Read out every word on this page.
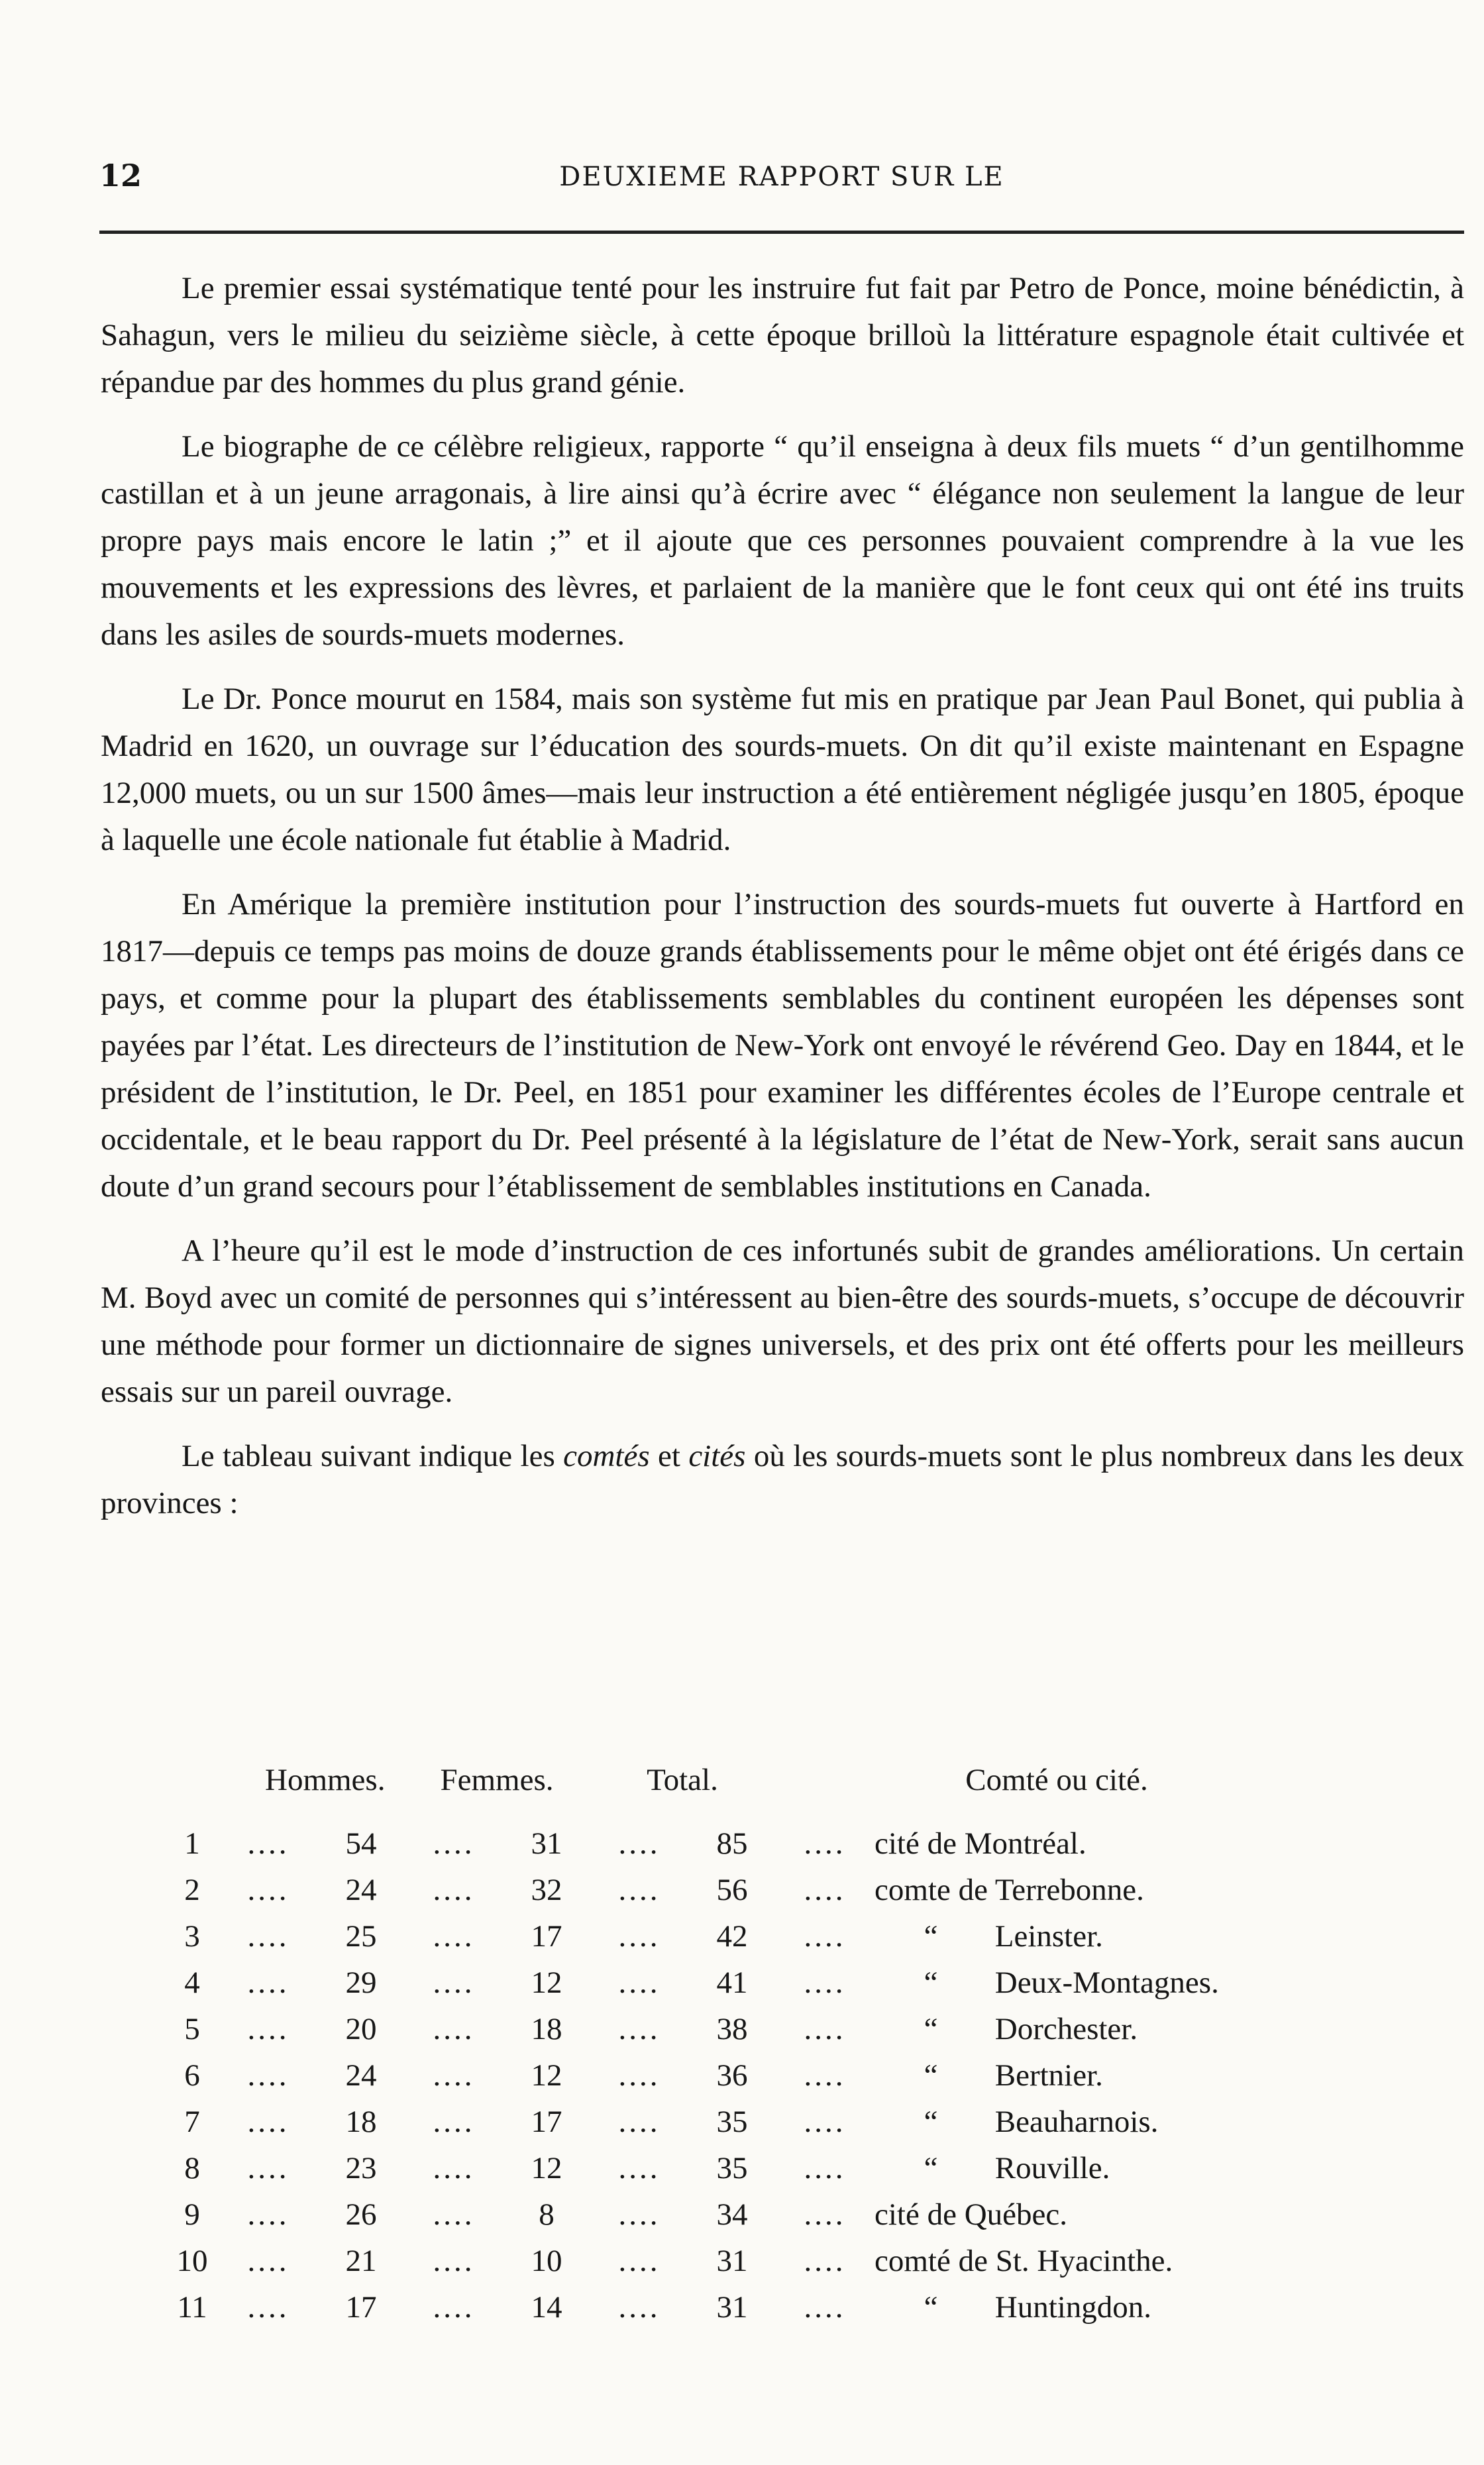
12	DEUXIEME RAPPORT SUR LE

Le premier essai systématique tenté pour les instruire fut fait par Petro de Ponce, moine bénédictin, à Sahagun, vers le milieu du seizième siècle, à cette époque brilloù la littérature espagnole était cultivée et répandue par des hommes du plus grand génie.

Le biographe de ce célèbre religieux, rapporte “ qu’il enseigna à deux fils muets “ d’un gentilhomme castillan et à un jeune arragonais, à lire ainsi qu’à écrire avec “ élégance non seulement la langue de leur propre pays mais encore le latin ;” et il ajoute que ces personnes pouvaient comprendre à la vue les mouvements et les expressions des lèvres, et parlaient de la manière que le font ceux qui ont été ins truits dans les asiles de sourds-muets modernes.

Le Dr. Ponce mourut en 1584, mais son système fut mis en pratique par Jean Paul Bonet, qui publia à Madrid en 1620, un ouvrage sur l’éducation des sourds-muets. On dit qu’il existe maintenant en Espagne 12,000 muets, ou un sur 1500 âmes—mais leur instruction a été entièrement négligée jusqu’en 1805, époque à laquelle une école nationale fut établie à Madrid.

En Amérique la première institution pour l’instruction des sourds-muets fut ouverte à Hartford en 1817—depuis ce temps pas moins de douze grands établissements pour le même objet ont été érigés dans ce pays, et comme pour la plupart des établissements semblables du continent européen les dépenses sont payées par l’état. Les directeurs de l’institution de New-York ont envoyé le révérend Geo. Day en 1844, et le président de l’institution, le Dr. Peel, en 1851 pour examiner les différentes écoles de l’Europe centrale et occidentale, et le beau rapport du Dr. Peel présenté à la législature de l’état de New-York, serait sans aucun doute d’un grand secours pour l’établissement de semblables institutions en Canada.

A l’heure qu’il est le mode d’instruction de ces infortunés subit de grandes améliorations. Un certain M. Boyd avec un comité de personnes qui s’intéressent au bien-être des sourds-muets, s’occupe de découvrir une méthode pour former un dictionnaire de signes universels, et des prix ont été offerts pour les meilleurs essais sur un pareil ouvrage.

Le tableau suivant indique les comtés et cités où les sourds-muets sont le plus nombreux dans les deux provinces :

Hommes.			Femmes.		Total.		Comté ou cité.	
1	....	54	....	31	....	85	....	cité de Montréal.
2	....	24	....	32	....	56	....	comte de Terrebonne.
3	....	25	....	17	....	42	....	“ Leinster.
4	....	29	....	12	....	41	....	“ Deux-Montagnes.
5	....	20	....	18	....	38	....	“ Dorchester.
6	....	24	....	12	....	36	....	“ Bertnier.
7	....	18	....	17	....	35	....	“ Beauharnois.
8	....	23	....	12	....	35	....	“ Rouville.
9	....	26	....	8	....	34	....	cité de Québec.
10	....	21	....	10	....	31	....	comté de St. Hyacinthe.
11	....	17	....	14	....	31	....	“ Huntingdon.
